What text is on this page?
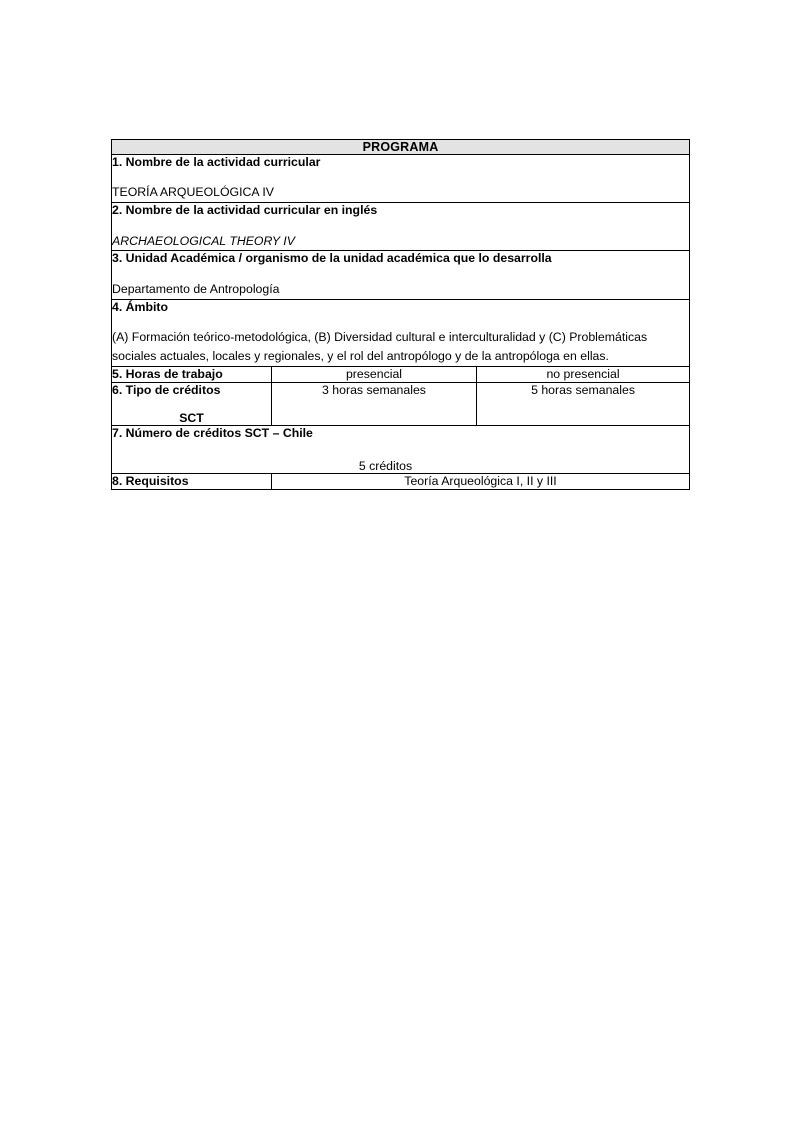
PROGRAMA		

1. Nombre de la actividad curricular
TEORÍA ARQUEOLÓGICA IV		

2. Nombre de la actividad curricular en inglés
ARCHAEOLOGICAL THEORY IV		

3. Unidad Académica / organismo de la unidad académica que lo desarrolla
Departamento de Antropología		

4. Ámbito
(A) Formación teórico-metodológica, (B) Diversidad cultural e interculturalidad y (C) Problemáticas sociales actuales, locales y regionales, y el rol del antropólogo y de la antropóloga en ellas.		

5. Horas de trabajo	presencial	no presencial

6. Tipo de créditos
SCT	3 horas semanales	5 horas semanales

7. Número de créditos SCT – Chile
5 créditos		

8. Requisitos	Teoría Arqueológica I, II y III	
